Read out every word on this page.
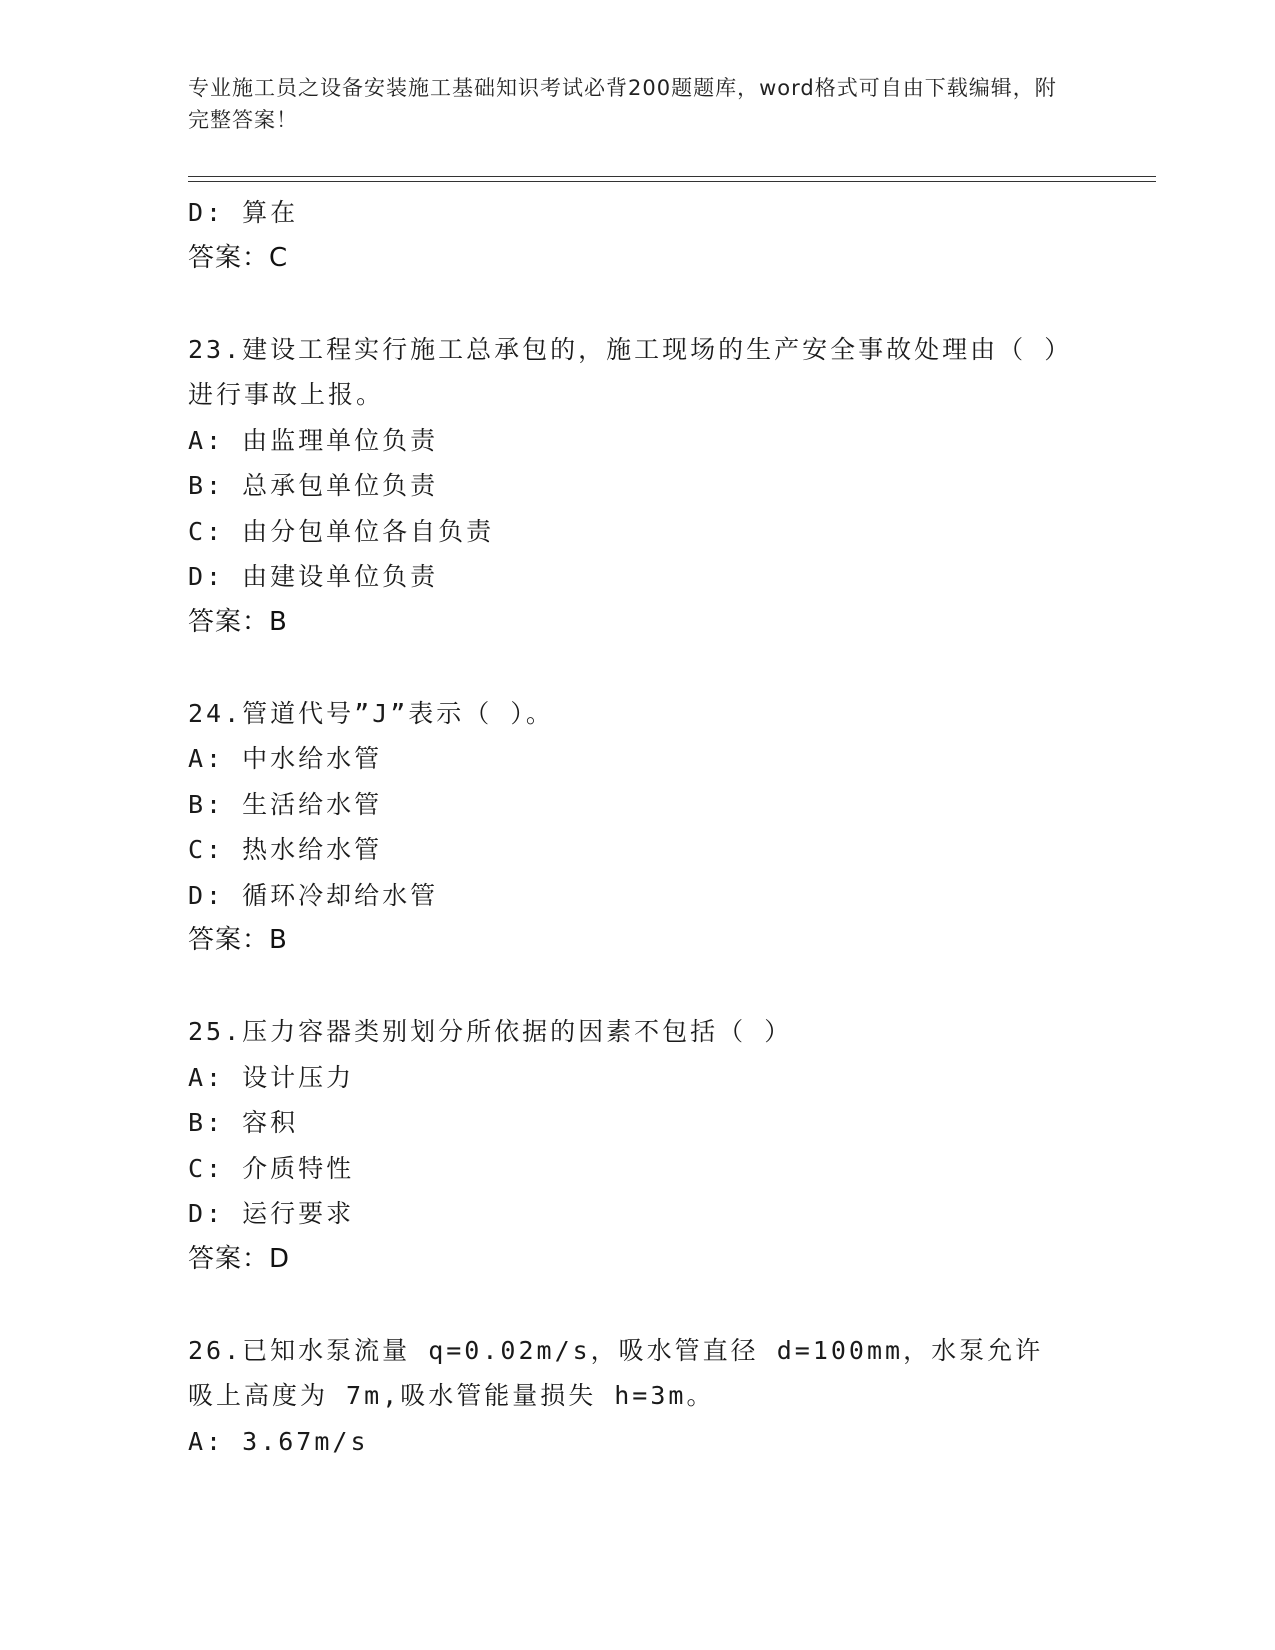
专业施工员之设备安装施工基础知识考试必背200题题库，word格式可自由下载编辑，附完整答案！
D: 算在
答案：C
23.建设工程实行施工总承包的，施工现场的生产安全事故处理由（ ）进行事故上报。
A: 由监理单位负责
B: 总承包单位负责
C: 由分包单位各自负责
D: 由建设单位负责
答案：B
24.管道代号”J”表示（ ）。
A: 中水给水管
B: 生活给水管
C: 热水给水管
D: 循环冷却给水管
答案：B
25.压力容器类别划分所依据的因素不包括（ ）
A: 设计压力
B: 容积
C: 介质特性
D: 运行要求
答案：D
26.已知水泵流量 q=0.02m/s，吸水管直径 d=100mm，水泵允许吸上高度为 7m,吸水管能量损失 h=3m。
A: 3.67m/s
